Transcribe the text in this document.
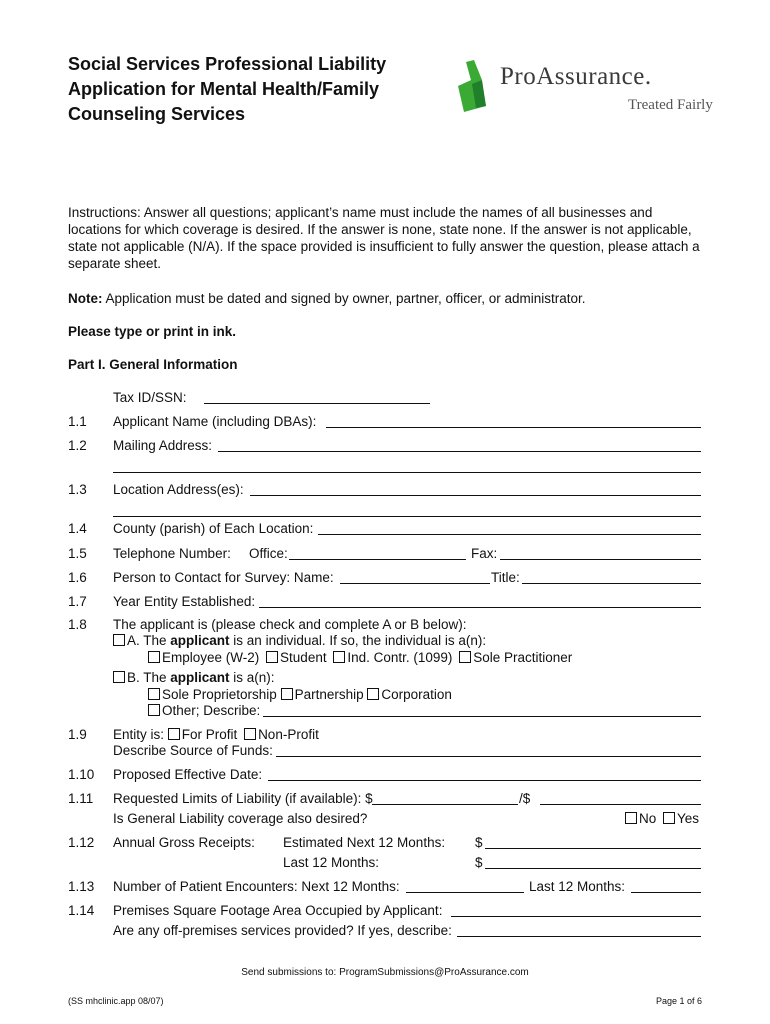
Social Services Professional Liability
Application for Mental Health/Family
Counseling Services
ProAssurance.
Treated Fairly
Instructions: Answer all questions; applicant’s name must include the names of all businesses and locations for which coverage is desired. If the answer is none, state none. If the answer is not applicable, state not applicable (N/A). If the space provided is insufficient to fully answer the question, please attach a separate sheet.
Note: Application must be dated and signed by owner, partner, officer, or administrator.
Please type or print in ink.
Part I. General Information
Tax ID/SSN:
1.1 Applicant Name (including DBAs):
1.2 Mailing Address:
1.3 Location Address(es):
1.4 County (parish) of Each Location:
1.5 Telephone Number: Office:	Fax:
1.6 Person to Contact for Survey: Name:	Title:
1.7 Year Entity Established:
1.8 The applicant is (please check and complete A or B below):
A. The applicant is an individual. If so, the individual is a(n):
Employee (W-2) Student Ind. Contr. (1099) Sole Practitioner
B. The applicant is a(n):
Sole Proprietorship Partnership Corporation
Other; Describe:
1.9 Entity is: For Profit Non-Profit
Describe Source of Funds:
1.10 Proposed Effective Date:
1.11 Requested Limits of Liability (if available): $	/$
Is General Liability coverage also desired?	No Yes
1.12 Annual Gross Receipts: Estimated Next 12 Months: $
Last 12 Months:	$
1.13 Number of Patient Encounters: Next 12 Months:	Last 12 Months:
1.14 Premises Square Footage Area Occupied by Applicant:
Are any off-premises services provided? If yes, describe:
Send submissions to: ProgramSubmissions@ProAssurance.com
(SS mhclinic.app 08/07)	Page 1 of 6
